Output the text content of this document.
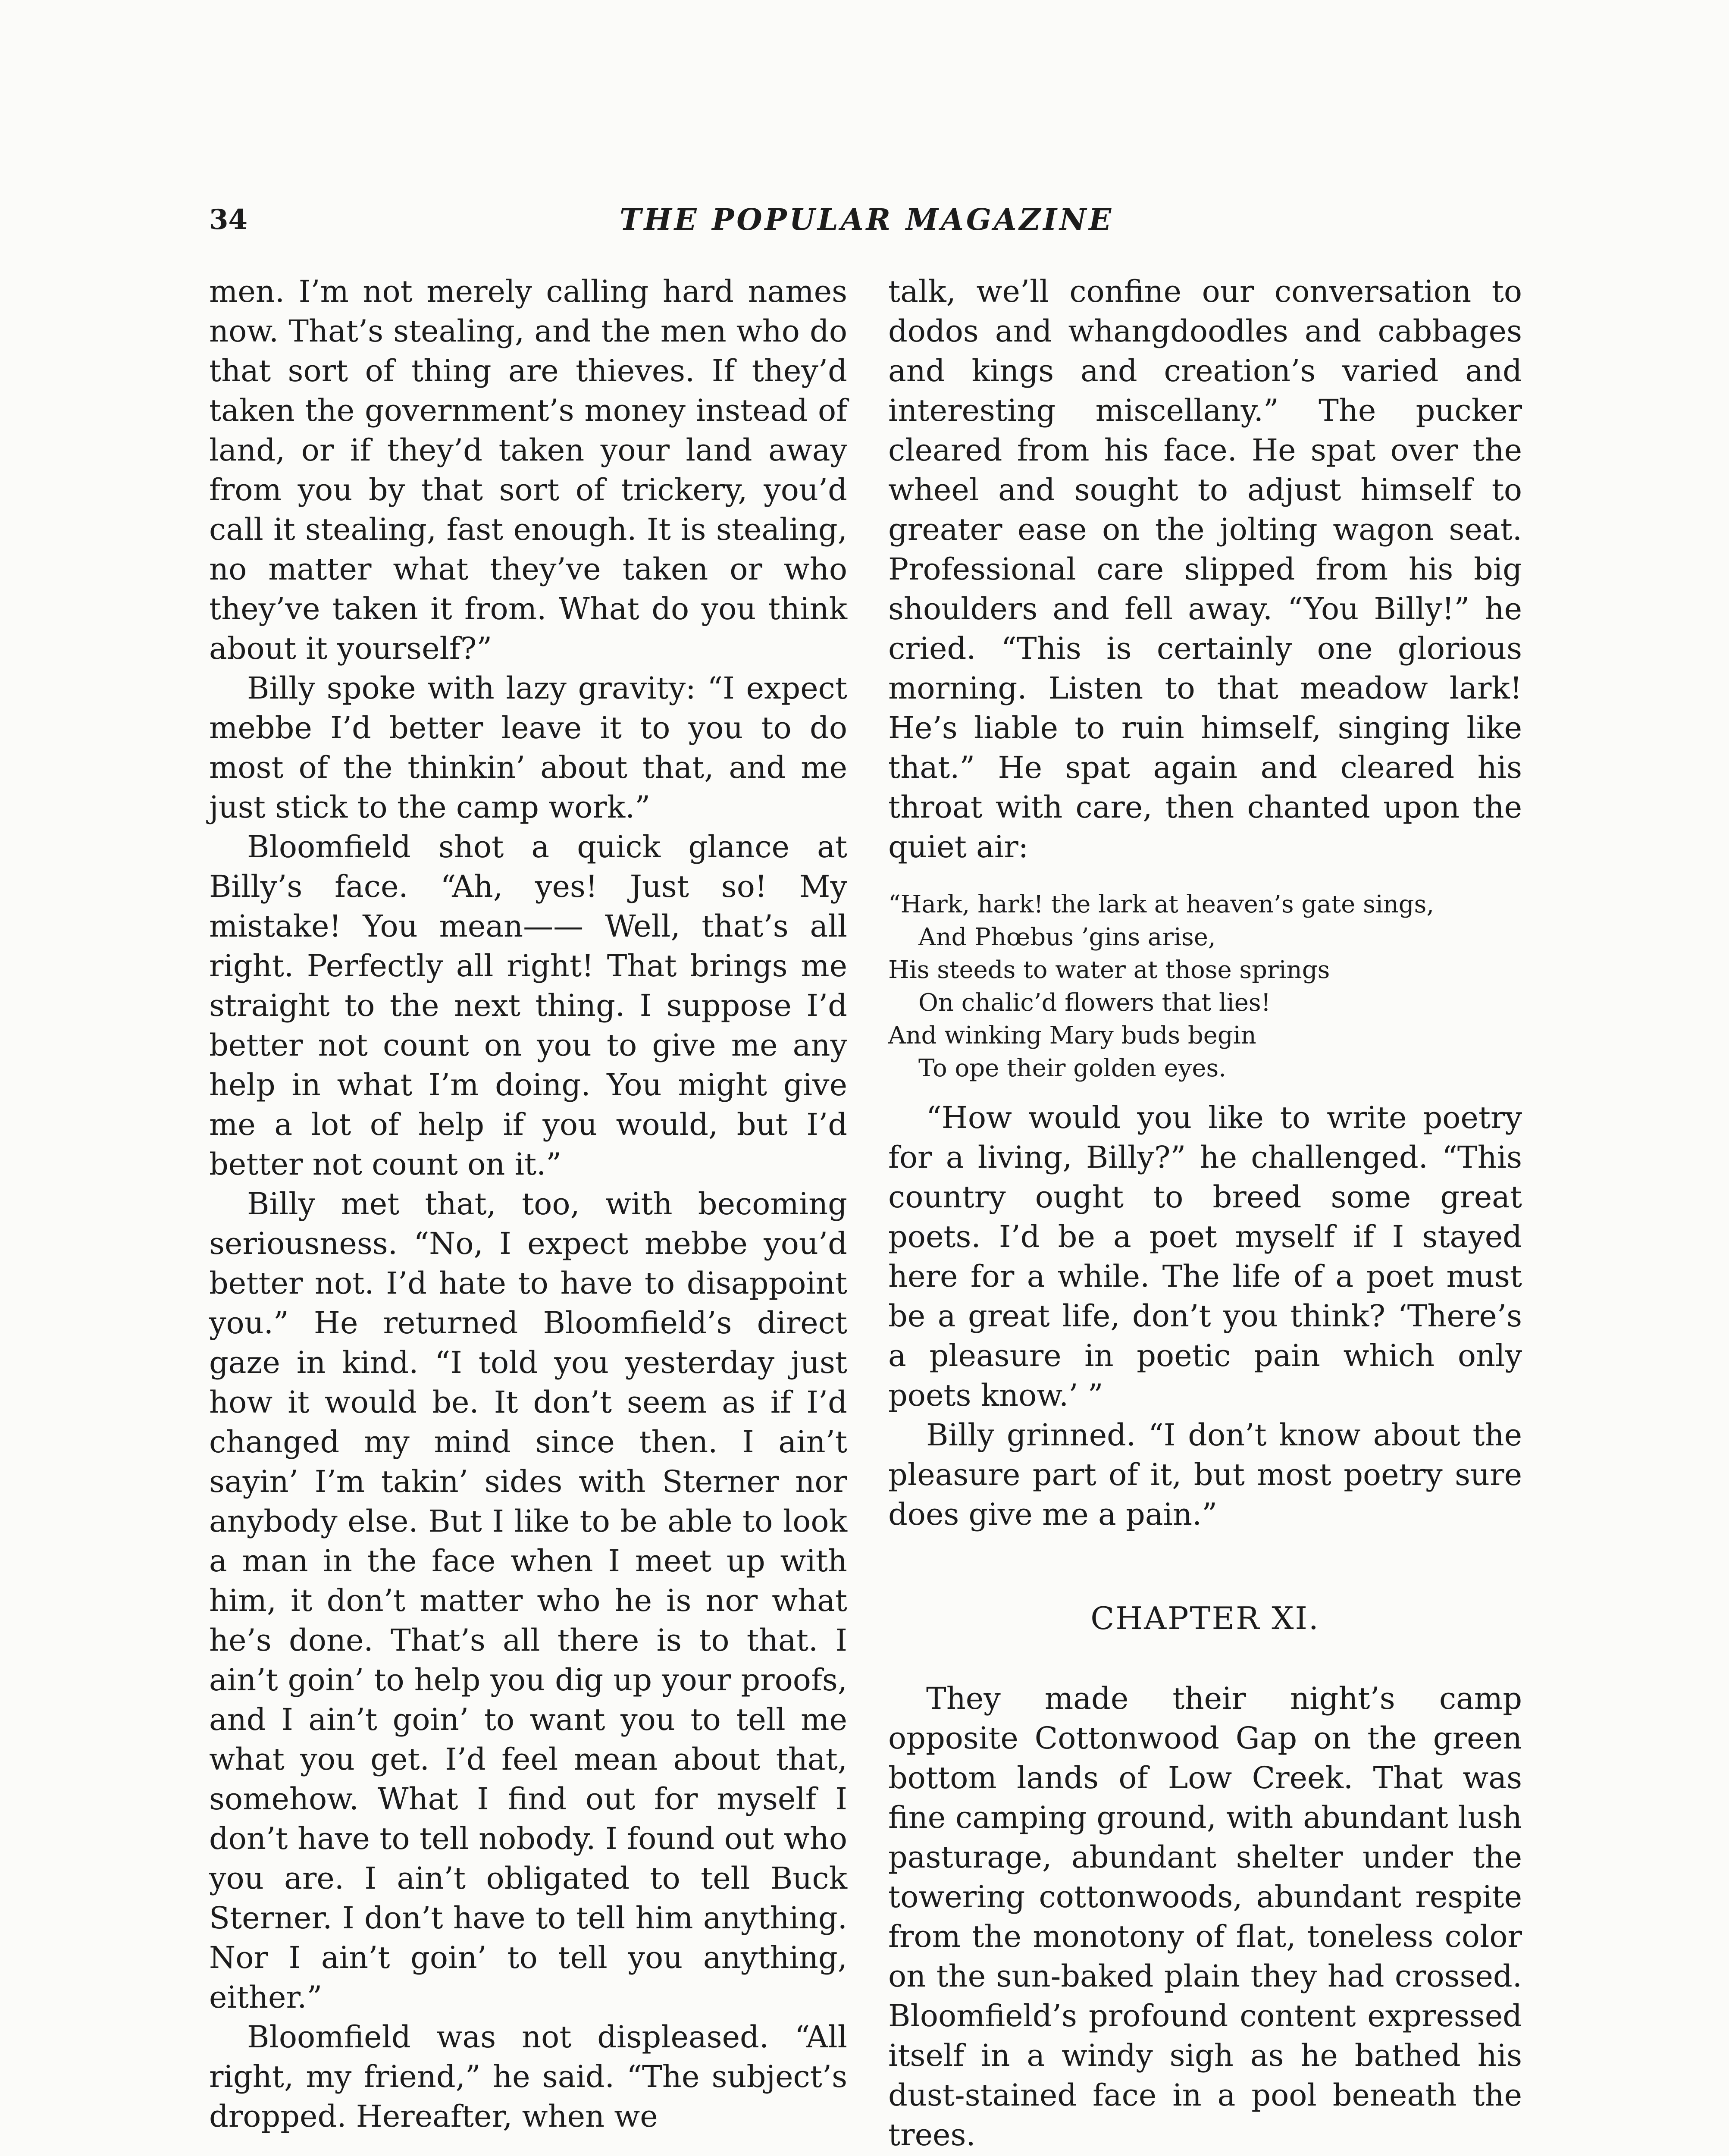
34	THE POPULAR MAGAZINE

men. I’m not merely calling hard names now. That’s stealing, and the men who do that sort of thing are thieves. If they’d taken the government’s money instead of land, or if they’d taken your land away from you by that sort of trickery, you’d call it stealing, fast enough. It is stealing, no matter what they’ve taken or who they’ve taken it from. What do you think about it yourself?”

Billy spoke with lazy gravity: “I expect mebbe I’d better leave it to you to do most of the thinkin’ about that, and me just stick to the camp work.”

Bloomfield shot a quick glance at Billy’s face. “Ah, yes! Just so! My mistake! You mean—— Well, that’s all right. Perfectly all right! That brings me straight to the next thing. I suppose I’d better not count on you to give me any help in what I’m doing. You might give me a lot of help if you would, but I’d better not count on it.”

Billy met that, too, with becoming seriousness. “No, I expect mebbe you’d better not. I’d hate to have to disappoint you.” He returned Bloomfield’s direct gaze in kind. “I told you yesterday just how it would be. It don’t seem as if I’d changed my mind since then. I ain’t sayin’ I’m takin’ sides with Sterner nor anybody else. But I like to be able to look a man in the face when I meet up with him, it don’t matter who he is nor what he’s done. That’s all there is to that. I ain’t goin’ to help you dig up your proofs, and I ain’t goin’ to want you to tell me what you get. I’d feel mean about that, somehow. What I find out for myself I don’t have to tell nobody. I found out who you are. I ain’t obligated to tell Buck Sterner. I don’t have to tell him anything. Nor I ain’t goin’ to tell you anything, either.”

Bloomfield was not displeased. “All right, my friend,” he said. “The subject’s dropped. Hereafter, when we

talk, we’ll confine our conversation to dodos and whangdoodles and cabbages and kings and creation’s varied and interesting miscellany.” The pucker cleared from his face. He spat over the wheel and sought to adjust himself to greater ease on the jolting wagon seat. Professional care slipped from his big shoulders and fell away. “You Billy!” he cried. “This is certainly one glorious morning. Listen to that meadow lark! He’s liable to ruin himself, singing like that.” He spat again and cleared his throat with care, then chanted upon the quiet air:

“Hark, hark! the lark at heaven’s gate sings,
And Phœbus ’gins arise,
His steeds to water at those springs
On chalic’d flowers that lies!
And winking Mary buds begin
To ope their golden eyes.

“How would you like to write poetry for a living, Billy?” he challenged. “This country ought to breed some great poets. I’d be a poet myself if I stayed here for a while. The life of a poet must be a great life, don’t you think? ‘There’s a pleasure in poetic pain which only poets know.’ ”

Billy grinned. “I don’t know about the pleasure part of it, but most poetry sure does give me a pain.”

CHAPTER XI.

They made their night’s camp opposite Cottonwood Gap on the green bottom lands of Low Creek. That was fine camping ground, with abundant lush pasturage, abundant shelter under the towering cottonwoods, abundant respite from the monotony of flat, toneless color on the sun-baked plain they had crossed. Bloomfield’s profound content expressed itself in a windy sigh as he bathed his dust-stained face in a pool beneath the trees.
